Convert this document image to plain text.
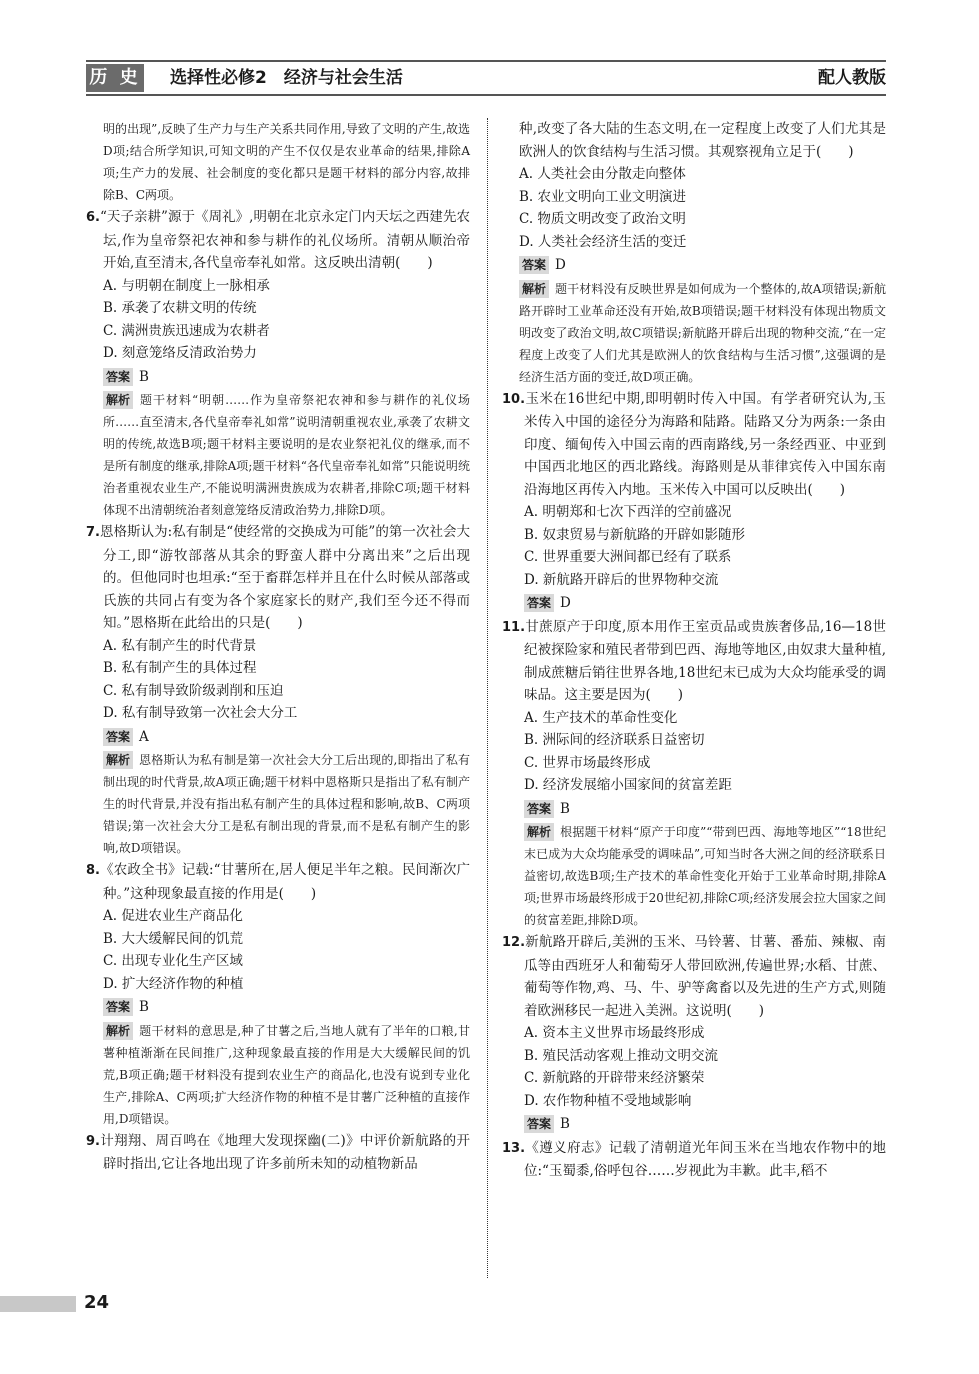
历 史 选择性必修2　经济与社会生活	配人教版

明的出现”,反映了生产力与生产关系共同作用,导致了文明的产生,故选D项;结合所学知识,可知文明的产生不仅仅是农业革命的结果,排除A项;生产力的发展、社会制度的变化都只是题干材料的部分内容,故排除B、C两项。

6.“天子亲耕”源于《周礼》,明朝在北京永定门内天坛之西建先农坛,作为皇帝祭祀农神和参与耕作的礼仪场所。清朝从顺治帝开始,直至清末,各代皇帝奉礼如常。这反映出清朝(　　)

A. 与明朝在制度上一脉相承

B. 承袭了农耕文明的传统

C. 满洲贵族迅速成为农耕者

D. 刻意笼络反清政治势力

答案 B

解析 题干材料“明朝……作为皇帝祭祀农神和参与耕作的礼仪场所……直至清末,各代皇帝奉礼如常”说明清朝重视农业,承袭了农耕文明的传统,故选B项;题干材料主要说明的是农业祭祀礼仪的继承,而不是所有制度的继承,排除A项;题干材料“各代皇帝奉礼如常”只能说明统治者重视农业生产,不能说明满洲贵族成为农耕者,排除C项;题干材料体现不出清朝统治者刻意笼络反清政治势力,排除D项。

7.恩格斯认为:私有制是“使经常的交换成为可能”的第一次社会大分工,即“游牧部落从其余的野蛮人群中分离出来”之后出现的。但他同时也坦承:“至于畜群怎样并且在什么时候从部落或氏族的共同占有变为各个家庭家长的财产,我们至今还不得而知。”恩格斯在此给出的只是(　　)

A. 私有制产生的时代背景

B. 私有制产生的具体过程

C. 私有制导致阶级剥削和压迫

D. 私有制导致第一次社会大分工

答案 A

解析 恩格斯认为私有制是第一次社会大分工后出现的,即指出了私有制出现的时代背景,故A项正确;题干材料中恩格斯只是指出了私有制产生的时代背景,并没有指出私有制产生的具体过程和影响,故B、C两项错误;第一次社会大分工是私有制出现的背景,而不是私有制产生的影响,故D项错误。

8.《农政全书》记载:“甘薯所在,居人便足半年之粮。民间渐次广种。”这种现象最直接的作用是(　　)

A. 促进农业生产商品化

B. 大大缓解民间的饥荒

C. 出现专业化生产区域

D. 扩大经济作物的种植

答案 B

解析 题干材料的意思是,种了甘薯之后,当地人就有了半年的口粮,甘薯种植渐渐在民间推广,这种现象最直接的作用是大大缓解民间的饥荒,B项正确;题干材料没有提到农业生产的商品化,也没有说到专业化生产,排除A、C两项;扩大经济作物的种植不是甘薯广泛种植的直接作用,D项错误。

9.计翔翔、周百鸣在《地理大发现探幽(二)》中评价新航路的开辟时指出,它让各地出现了许多前所未知的动植物新品

种,改变了各大陆的生态文明,在一定程度上改变了人们尤其是欧洲人的饮食结构与生活习惯。其观察视角立足于(　　)

A. 人类社会由分散走向整体

B. 农业文明向工业文明演进

C. 物质文明改变了政治文明

D. 人类社会经济生活的变迁

答案 D

解析 题干材料没有反映世界是如何成为一个整体的,故A项错误;新航路开辟时工业革命还没有开始,故B项错误;题干材料没有体现出物质文明改变了政治文明,故C项错误;新航路开辟后出现的物种交流,“在一定程度上改变了人们尤其是欧洲人的饮食结构与生活习惯”,这强调的是经济生活方面的变迁,故D项正确。

10.玉米在16世纪中期,即明朝时传入中国。有学者研究认为,玉米传入中国的途径分为海路和陆路。陆路又分为两条:一条由印度、缅甸传入中国云南的西南路线,另一条经西亚、中亚到中国西北地区的西北路线。海路则是从菲律宾传入中国东南沿海地区再传入内地。玉米传入中国可以反映出(　　)

A. 明朝郑和七次下西洋的空前盛况

B. 奴隶贸易与新航路的开辟如影随形

C. 世界重要大洲间都已经有了联系

D. 新航路开辟后的世界物种交流

答案 D

11.甘蔗原产于印度,原本用作王室贡品或贵族奢侈品,16—18世纪被探险家和殖民者带到巴西、海地等地区,由奴隶大量种植,制成蔗糖后销往世界各地,18世纪末已成为大众均能承受的调味品。这主要是因为(　　)

A. 生产技术的革命性变化

B. 洲际间的经济联系日益密切

C. 世界市场最终形成

D. 经济发展缩小国家间的贫富差距

答案 B

解析 根据题干材料“原产于印度”“带到巴西、海地等地区”“18世纪末已成为大众均能承受的调味品”,可知当时各大洲之间的经济联系日益密切,故选B项;生产技术的革命性变化开始于工业革命时期,排除A项;世界市场最终形成于20世纪初,排除C项;经济发展会拉大国家之间的贫富差距,排除D项。

12.新航路开辟后,美洲的玉米、马铃薯、甘薯、番茄、辣椒、南瓜等由西班牙人和葡萄牙人带回欧洲,传遍世界;水稻、甘蔗、葡萄等作物,鸡、马、牛、驴等禽畜以及先进的生产方式,则随着欧洲移民一起进入美洲。这说明(　　)

A. 资本主义世界市场最终形成

B. 殖民活动客观上推动文明交流

C. 新航路的开辟带来经济繁荣

D. 农作物种植不受地域影响

答案 B

13.《遵义府志》记载了清朝道光年间玉米在当地农作物中的地位:“玉蜀黍,俗呼包谷……岁视此为丰歉。此丰,稻不

24
